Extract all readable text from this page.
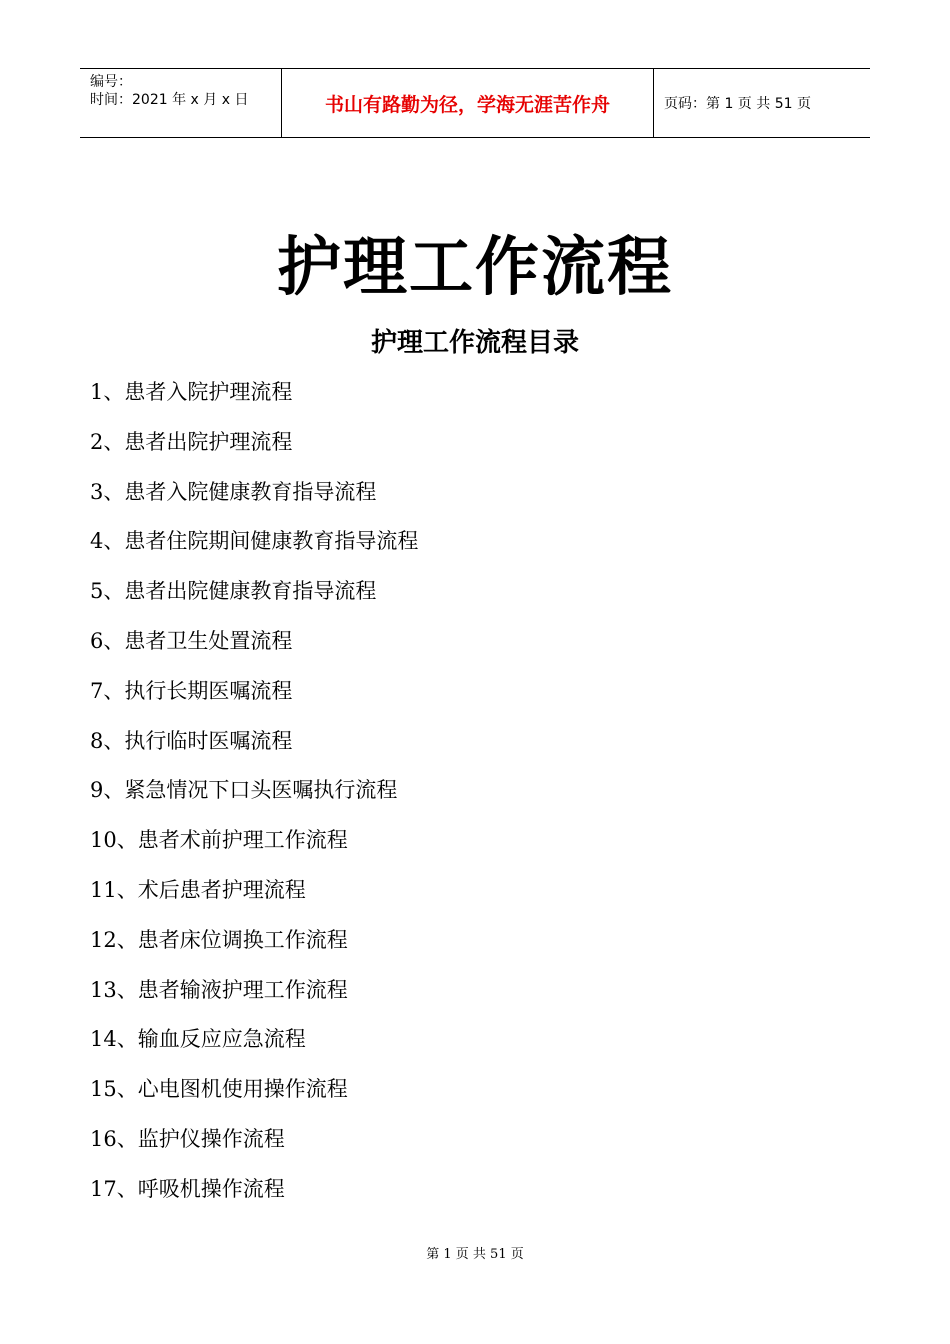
编号：
时间：2021 年 x 月 x 日	书山有路勤为径，学海无涯苦作舟	页码：第 1 页 共 51 页
护理工作流程
护理工作流程目录
1、患者入院护理流程
2、患者出院护理流程
3、患者入院健康教育指导流程
4、患者住院期间健康教育指导流程
5、患者出院健康教育指导流程
6、患者卫生处置流程
7、执行长期医嘱流程
8、执行临时医嘱流程
9、紧急情况下口头医嘱执行流程
10、患者术前护理工作流程
11、术后患者护理流程
12、患者床位调换工作流程
13、患者输液护理工作流程
14、输血反应应急流程
15、心电图机使用操作流程
16、监护仪操作流程
17、呼吸机操作流程
第 1 页 共 51 页
